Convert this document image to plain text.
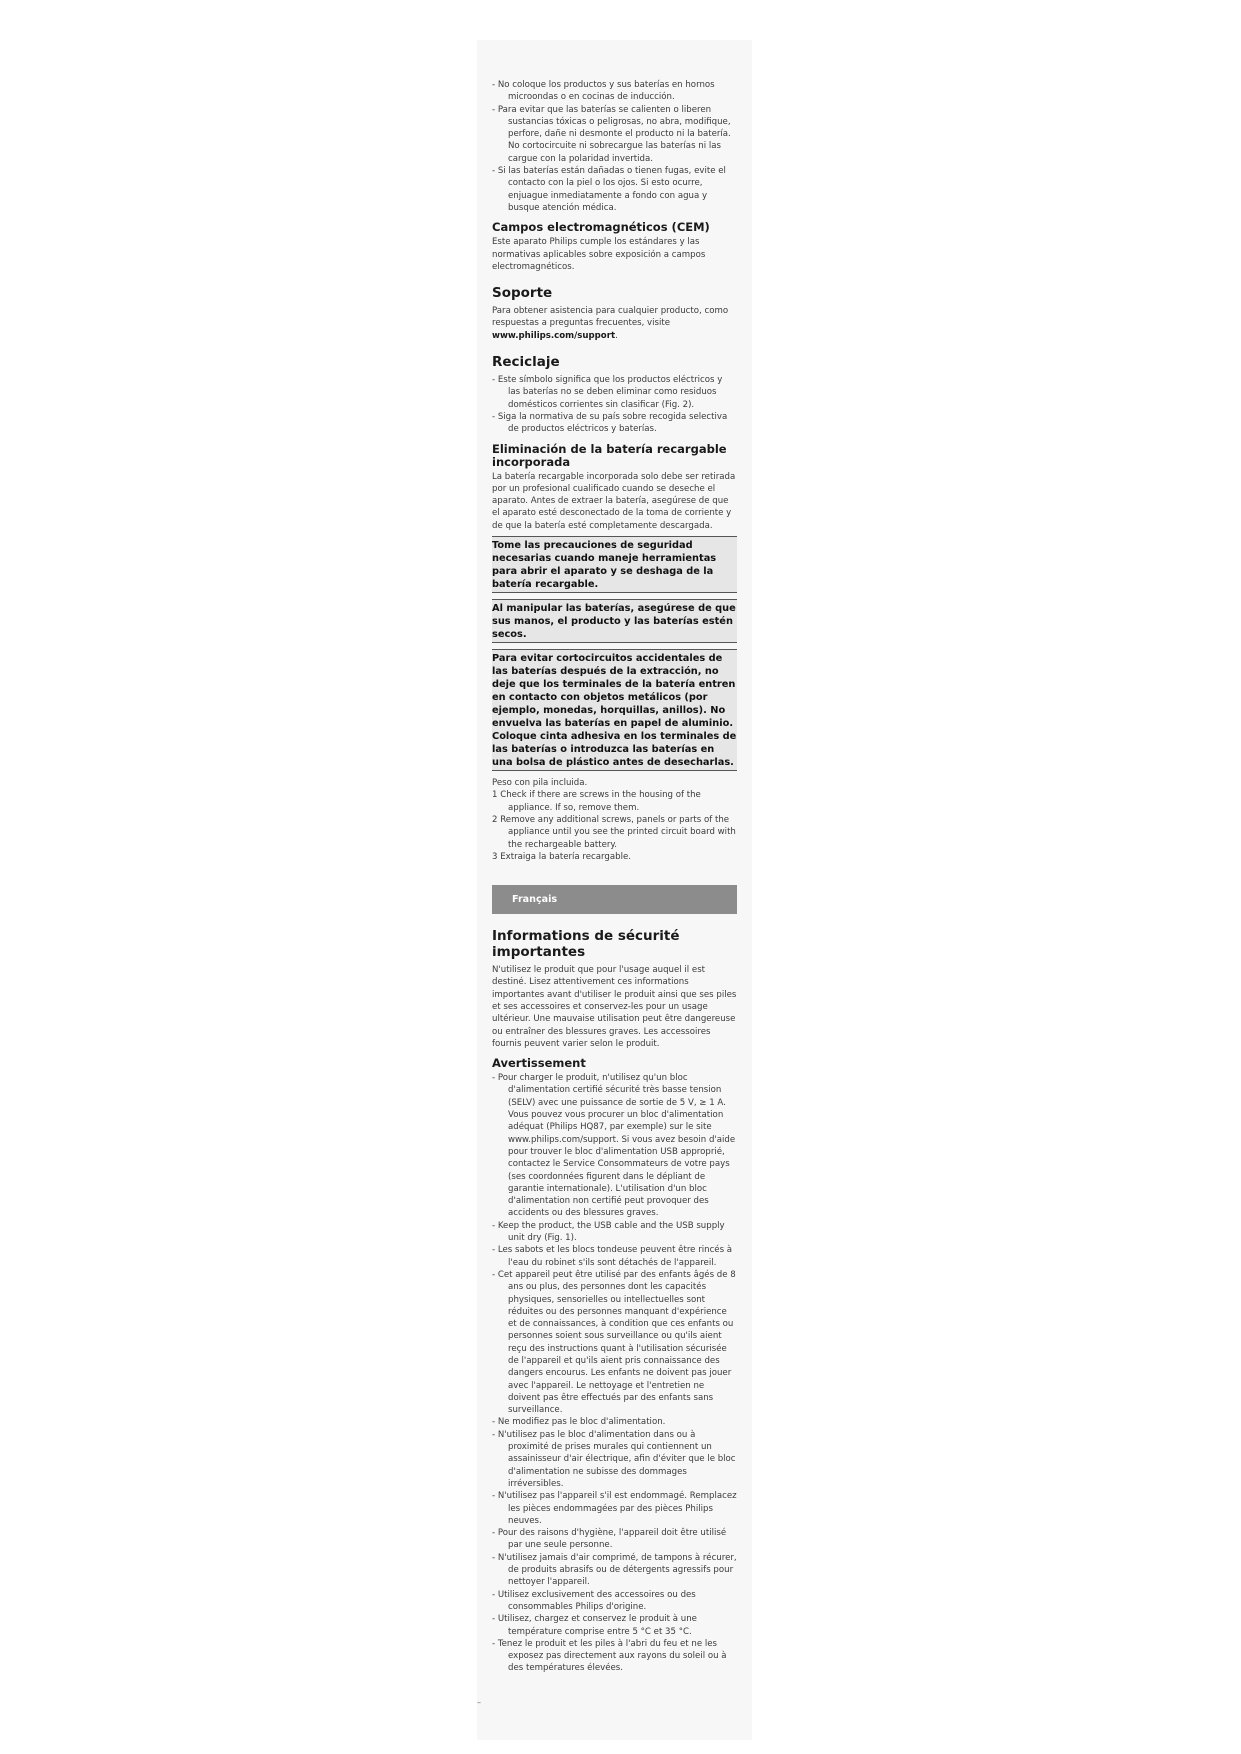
- No coloque los productos y sus baterías en hornos microondas o en cocinas de inducción.

- Para evitar que las baterías se calienten o liberen sustancias tóxicas o peligrosas, no abra, modifique, perfore, dañe ni desmonte el producto ni la batería. No cortocircuite ni sobrecargue las baterías ni las cargue con la polaridad invertida.

- Si las baterías están dañadas o tienen fugas, evite el contacto con la piel o los ojos. Si esto ocurre, enjuague inmediatamente a fondo con agua y busque atención médica.

Campos electromagnéticos (CEM)

Este aparato Philips cumple los estándares y las normativas aplicables sobre exposición a campos electromagnéticos.

Soporte

Para obtener asistencia para cualquier producto, como respuestas a preguntas frecuentes, visite www.philips.com/support.

Reciclaje

- Este símbolo significa que los productos eléctricos y las baterías no se deben eliminar como residuos domésticos corrientes sin clasificar (Fig. 2).

- Siga la normativa de su país sobre recogida selectiva de productos eléctricos y baterías.

Eliminación de la batería recargable incorporada

La batería recargable incorporada solo debe ser retirada por un profesional cualificado cuando se deseche el aparato. Antes de extraer la batería, asegúrese de que el aparato esté desconectado de la toma de corriente y de que la batería esté completamente descargada.

Tome las precauciones de seguridad necesarias cuando maneje herramientas para abrir el aparato y se deshaga de la batería recargable.
Al manipular las baterías, asegúrese de que sus manos, el producto y las baterías estén secos.
Para evitar cortocircuitos accidentales de las baterías después de la extracción, no deje que los terminales de la batería entren en contacto con objetos metálicos (por ejemplo, monedas, horquillas, anillos). No envuelva las baterías en papel de aluminio. Coloque cinta adhesiva en los terminales de las baterías o introduzca las baterías en una bolsa de plástico antes de desecharlas.

Peso con pila incluida.

1 Check if there are screws in the housing of the appliance. If so, remove them.

2 Remove any additional screws, panels or parts of the appliance until you see the printed circuit board with the rechargeable battery.

3 Extraiga la batería recargable.

Français
Informations de sécurité importantes

N'utilisez le produit que pour l'usage auquel il est destiné. Lisez attentivement ces informations importantes avant d'utiliser le produit ainsi que ses piles et ses accessoires et conservez-les pour un usage ultérieur. Une mauvaise utilisation peut être dangereuse ou entraîner des blessures graves. Les accessoires fournis peuvent varier selon le produit.

Avertissement

- Pour charger le produit, n'utilisez qu'un bloc d'alimentation certifié sécurité très basse tension (SELV) avec une puissance de sortie de 5 V, ≥ 1 A. Vous pouvez vous procurer un bloc d'alimentation adéquat (Philips HQ87, par exemple) sur le site www.philips.com/support. Si vous avez besoin d'aide pour trouver le bloc d'alimentation USB approprié, contactez le Service Consommateurs de votre pays (ses coordonnées figurent dans le dépliant de garantie internationale). L'utilisation d'un bloc d'alimentation non certifié peut provoquer des accidents ou des blessures graves.

- Keep the product, the USB cable and the USB supply unit dry (Fig. 1).

- Les sabots et les blocs tondeuse peuvent être rincés à l'eau du robinet s'ils sont détachés de l'appareil.

- Cet appareil peut être utilisé par des enfants âgés de 8 ans ou plus, des personnes dont les capacités physiques, sensorielles ou intellectuelles sont réduites ou des personnes manquant d'expérience et de connaissances, à condition que ces enfants ou personnes soient sous surveillance ou qu'ils aient reçu des instructions quant à l'utilisation sécurisée de l'appareil et qu'ils aient pris connaissance des dangers encourus. Les enfants ne doivent pas jouer avec l'appareil. Le nettoyage et l'entretien ne doivent pas être effectués par des enfants sans surveillance.

- Ne modifiez pas le bloc d'alimentation.

- N'utilisez pas le bloc d'alimentation dans ou à proximité de prises murales qui contiennent un assainisseur d'air électrique, afin d'éviter que le bloc d'alimentation ne subisse des dommages irréversibles.

- N'utilisez pas l'appareil s'il est endommagé. Remplacez les pièces endommagées par des pièces Philips neuves.

- Pour des raisons d'hygiène, l'appareil doit être utilisé par une seule personne.

- N'utilisez jamais d'air comprimé, de tampons à récurer, de produits abrasifs ou de détergents agressifs pour nettoyer l'appareil.

- Utilisez exclusivement des accessoires ou des consommables Philips d'origine.

- Utilisez, chargez et conservez le produit à une température comprise entre 5 °C et 35 °C.

- Tenez le produit et les piles à l'abri du feu et ne les exposez pas directement aux rayons du soleil ou à des températures élevées.

–
